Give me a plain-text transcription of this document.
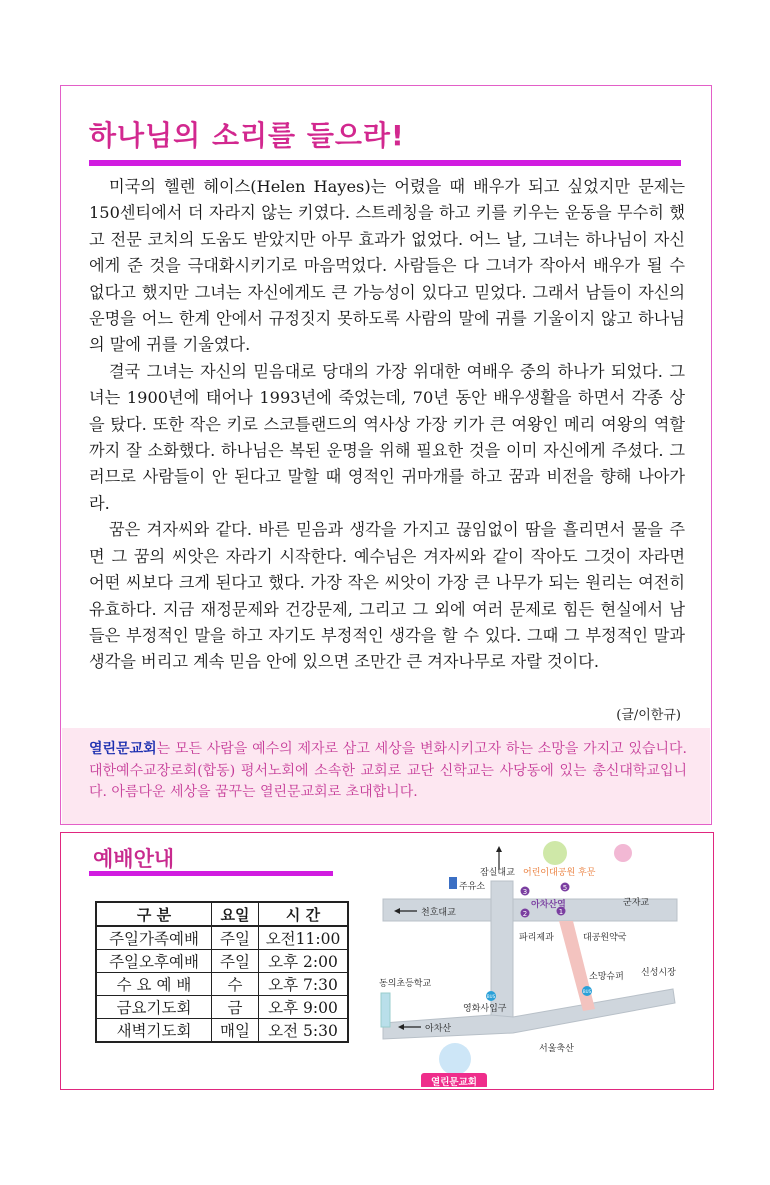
하나님의 소리를 들으라!

미국의 헬렌 헤이스(Helen Hayes)는 어렸을 때 배우가 되고 싶었지만 문제는 150센티에서 더 자라지 않는 키였다. 스트레칭을 하고 키를 키우는 운동을 무수히 했고 전문 코치의 도움도 받았지만 아무 효과가 없었다. 어느 날, 그녀는 하나님이 자신에게 준 것을 극대화시키기로 마음먹었다. 사람들은 다 그녀가 작아서 배우가 될 수 없다고 했지만 그녀는 자신에게도 큰 가능성이 있다고 믿었다. 그래서 남들이 자신의 운명을 어느 한계 안에서 규정짓지 못하도록 사람의 말에 귀를 기울이지 않고 하나님의 말에 귀를 기울였다.

결국 그녀는 자신의 믿음대로 당대의 가장 위대한 여배우 중의 하나가 되었다. 그녀는 1900년에 태어나 1993년에 죽었는데, 70년 동안 배우생활을 하면서 각종 상을 탔다. 또한 작은 키로 스코틀랜드의 역사상 가장 키가 큰 여왕인 메리 여왕의 역할까지 잘 소화했다. 하나님은 복된 운명을 위해 필요한 것을 이미 자신에게 주셨다. 그러므로 사람들이 안 된다고 말할 때 영적인 귀마개를 하고 꿈과 비전을 향해 나아가라.

꿈은 겨자씨와 같다. 바른 믿음과 생각을 가지고 끊임없이 땀을 흘리면서 물을 주면 그 꿈의 씨앗은 자라기 시작한다. 예수님은 겨자씨와 같이 작아도 그것이 자라면 어떤 씨보다 크게 된다고 했다. 가장 작은 씨앗이 가장 큰 나무가 되는 원리는 여전히 유효하다. 지금 재정문제와 건강문제, 그리고 그 외에 여러 문제로 힘든 현실에서 남들은 부정적인 말을 하고 자기도 부정적인 생각을 할 수 있다. 그때 그 부정적인 말과 생각을 버리고 계속 믿음 안에 있으면 조만간 큰 겨자나무로 자랄 것이다.

(글/이한규)
열린문교회는 모든 사람을 예수의 제자로 삼고 세상을 변화시키고자 하는 소망을 가지고 있습니다. 대한예수교장로회(합동) 평서노회에 소속한 교회로 교단 신학교는 사당동에 있는 총신대학교입니다. 아름다운 세상을 꿈꾸는 열린문교회로 초대합니다.
예배안내
구 분	요일	시 간
주일가족예배	주일	오전11:00
주일오후예배	주일	오후 2:00
수 요 예 배	수	오후 7:30
금요기도회	금	오후 9:00
새벽기도회	매일	오전 5:30
3	5
2	1
BUS
BUS
잠실대교 어린이대공원 후문
주유소
아차산역	군자교
천호대교
파리제과	대공원약국
동의초등학교
소망슈퍼 신성시장
영화사입구
아차산
서울축산
열린문교회
